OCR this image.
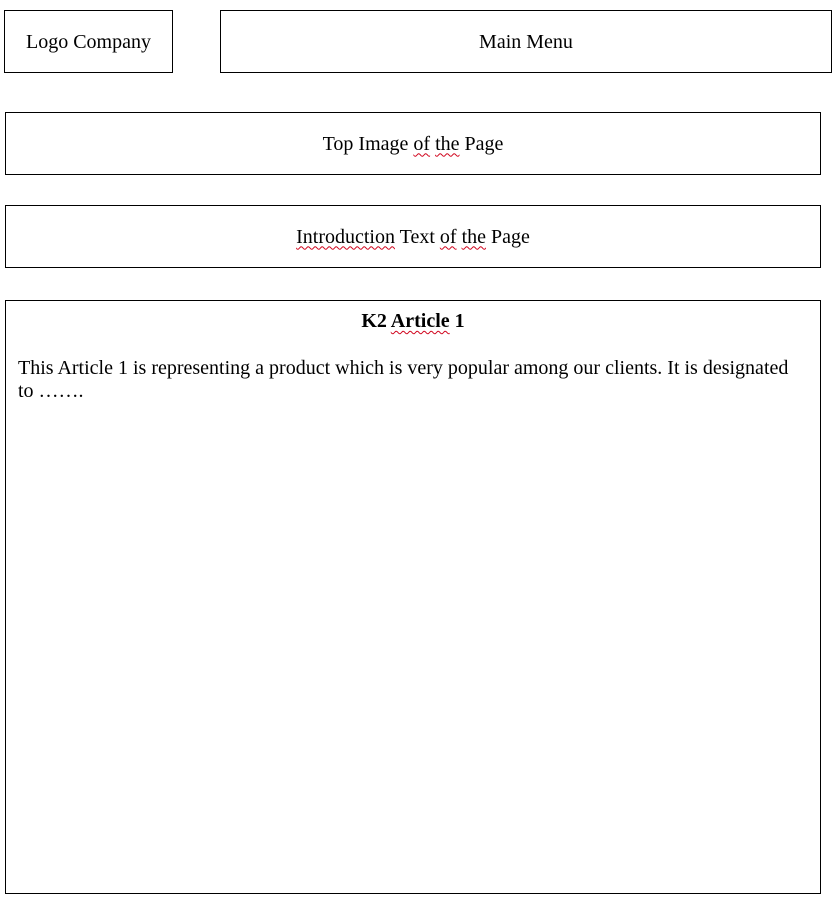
Logo Company	Main Menu
Top Image of the Page
Introduction Text of the Page
K2 Article 1
This Article 1 is representing a product which is very popular among our clients. It is designated to …….
